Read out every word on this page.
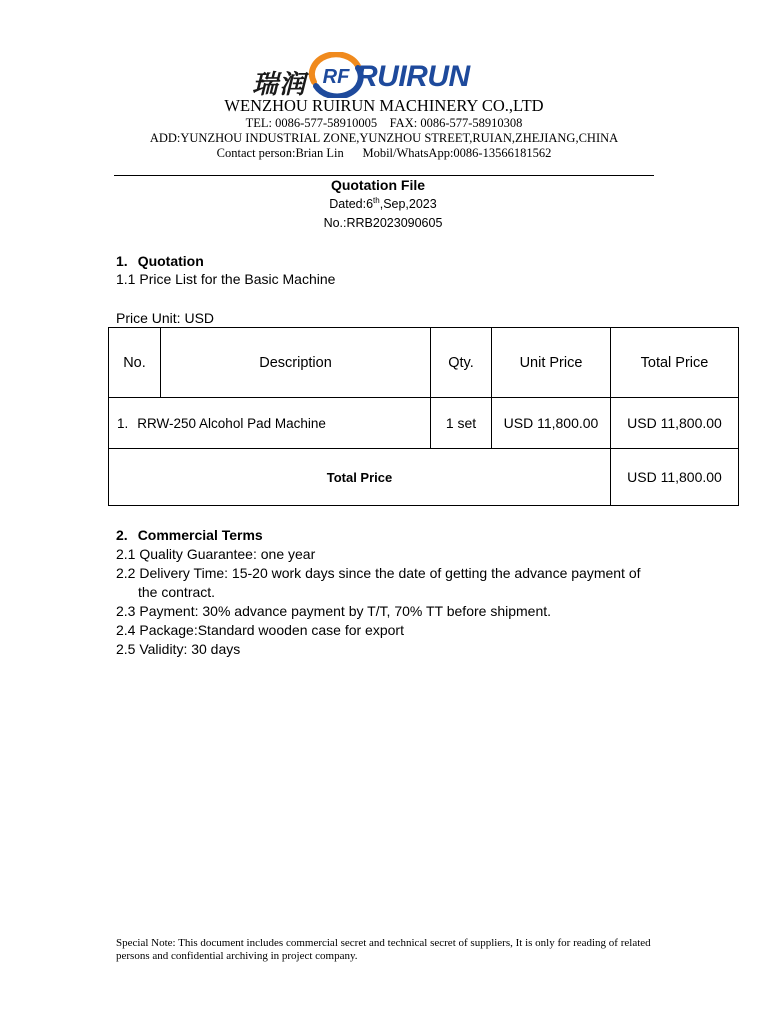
瑞润 RF RUIRUN
WENZHOU RUIRUN MACHINERY CO.,LTD
TEL: 0086-577-58910005    FAX: 0086-577-58910308
ADD:YUNZHOU INDUSTRIAL ZONE,YUNZHOU STREET,RUIAN,ZHEJIANG,CHINA
Contact person:Brian Lin      Mobil/WhatsApp:0086-13566181562
Quotation File
Dated:6th,Sep,2023
No.:RRB2023090605
1. Quotation
1.1 Price List for the Basic Machine
Price Unit: USD
No.	Description	Qty.	Unit Price	Total Price
1. RRW-250 Alcohol Pad Machine		1 set	USD 11,800.00	USD 11,800.00
Total Price				USD 11,800.00
2. Commercial Terms
2.1 Quality Guarantee: one year
2.2 Delivery Time: 15-20 work days since the date of getting the advance payment of
the contract.
2.3 Payment: 30% advance payment by T/T, 70% TT before shipment.
2.4 Package:Standard wooden case for export
2.5 Validity: 30 days
Special Note: This document includes commercial secret and technical secret of suppliers, It is only for reading of related persons and confidential archiving in project company.
